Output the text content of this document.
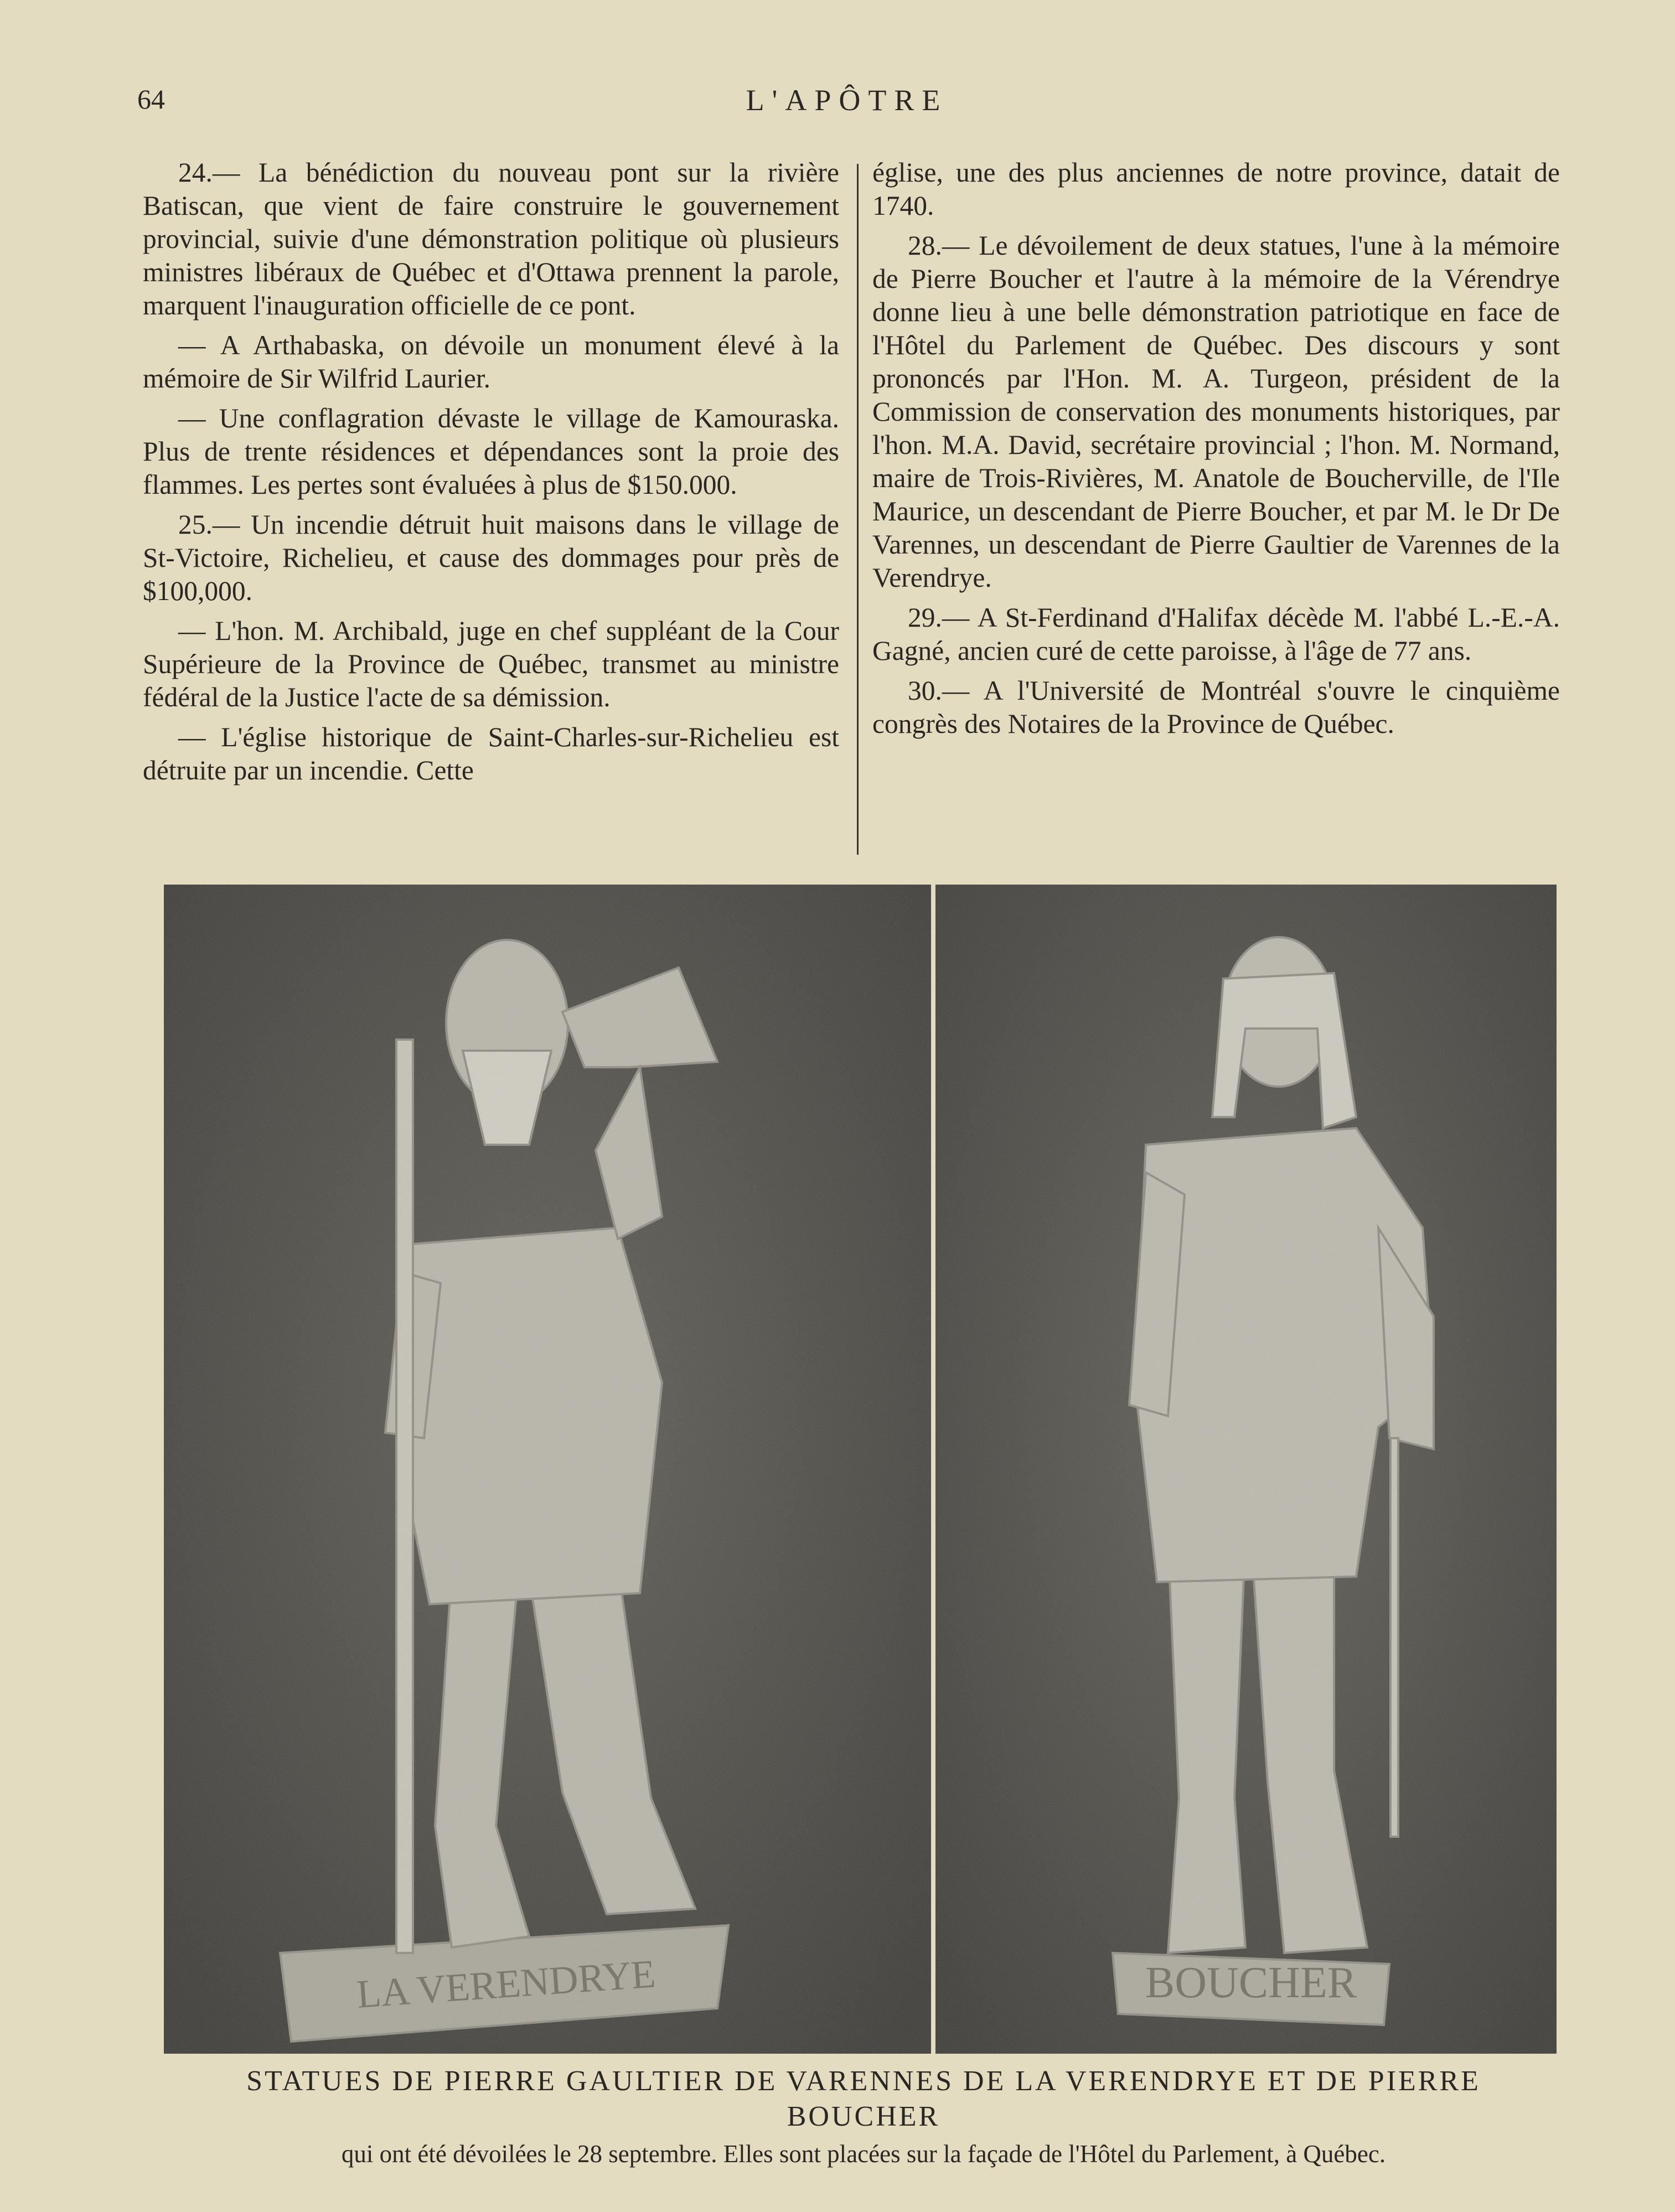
64	L'APÔTRE

24.— La bénédiction du nouveau pont sur la rivière Batiscan, que vient de faire construire le gouvernement provincial, suivie d'une démonstration politique où plusieurs ministres libéraux de Québec et d'Ottawa prennent la parole, marquent l'inauguration officielle de ce pont.

— A Arthabaska, on dévoile un monument élevé à la mémoire de Sir Wilfrid Laurier.

— Une conflagration dévaste le village de Kamouraska. Plus de trente résidences et dépendances sont la proie des flammes. Les pertes sont évaluées à plus de $150.000.

25.— Un incendie détruit huit maisons dans le village de St-Victoire, Richelieu, et cause des dommages pour près de $100,000.

— L'hon. M. Archibald, juge en chef suppléant de la Cour Supérieure de la Province de Québec, transmet au ministre fédéral de la Justice l'acte de sa démission.

— L'église historique de Saint-Charles-sur-Richelieu est détruite par un incendie. Cette

église, une des plus anciennes de notre province, datait de 1740.

28.— Le dévoilement de deux statues, l'une à la mémoire de Pierre Boucher et l'autre à la mémoire de la Vérendrye donne lieu à une belle démonstration patriotique en face de l'Hôtel du Parlement de Québec. Des discours y sont prononcés par l'Hon. M. A. Turgeon, président de la Commission de conservation des monuments historiques, par l'hon. M.A. David, secrétaire provincial ; l'hon. M. Normand, maire de Trois-Rivières, M. Anatole de Boucherville, de l'Ile Maurice, un descendant de Pierre Boucher, et par M. le Dr De Varennes, un descendant de Pierre Gaultier de Varennes de la Verendrye.

29.— A St-Ferdinand d'Halifax décède M. l'abbé L.-E.-A. Gagné, ancien curé de cette paroisse, à l'âge de 77 ans.

30.— A l'Université de Montréal s'ouvre le cinquième congrès des Notaires de la Province de Québec.

STATUES DE PIERRE GAULTIER DE VARENNES DE LA VERENDRYE ET DE PIERRE BOUCHER
qui ont été dévoilées le 28 septembre. Elles sont placées sur la façade de l'Hôtel du Parlement, à Québec.
